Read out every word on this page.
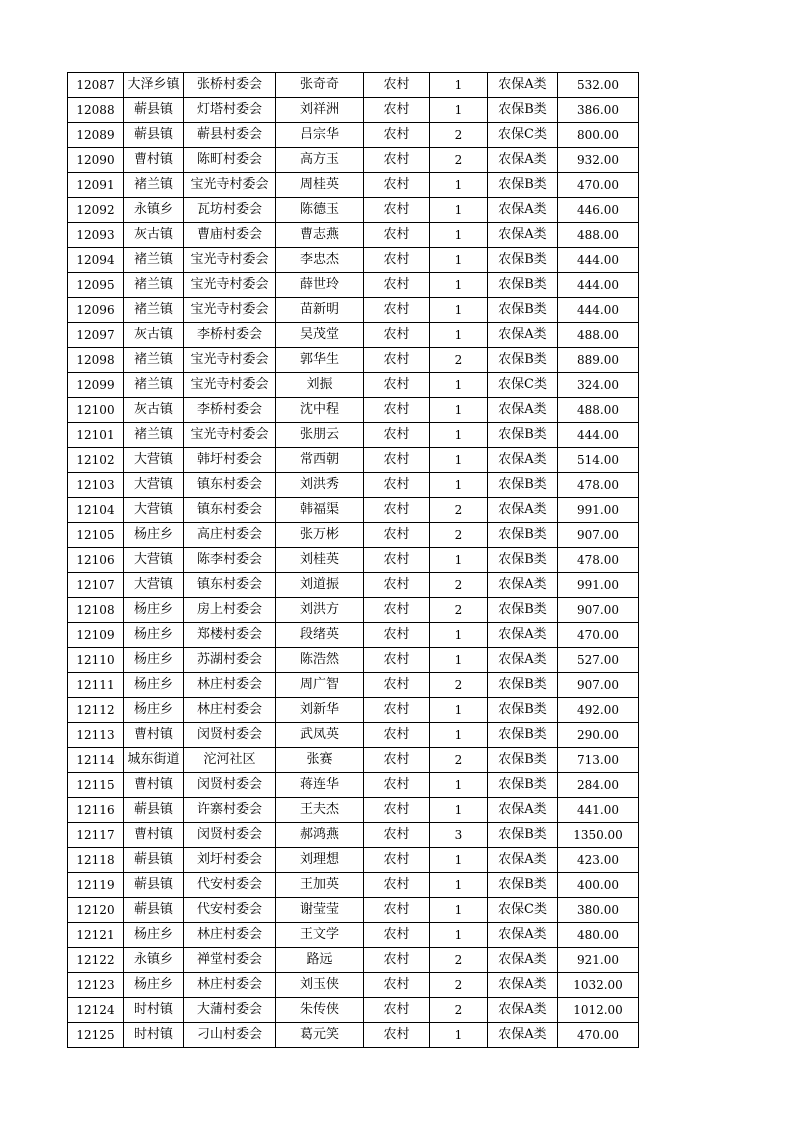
12087	大泽乡镇	张桥村委会	张奇奇	农村	1	农保A类	532.00
12088	蕲县镇	灯塔村委会	刘祥洲	农村	1	农保B类	386.00
12089	蕲县镇	蕲县村委会	吕宗华	农村	2	农保C类	800.00
12090	曹村镇	陈町村委会	高方玉	农村	2	农保A类	932.00
12091	褚兰镇	宝光寺村委会	周桂英	农村	1	农保B类	470.00
12092	永镇乡	瓦坊村委会	陈德玉	农村	1	农保A类	446.00
12093	灰古镇	曹庙村委会	曹志燕	农村	1	农保A类	488.00
12094	褚兰镇	宝光寺村委会	李忠杰	农村	1	农保B类	444.00
12095	褚兰镇	宝光寺村委会	薛世玲	农村	1	农保B类	444.00
12096	褚兰镇	宝光寺村委会	苗新明	农村	1	农保B类	444.00
12097	灰古镇	李桥村委会	吴茂堂	农村	1	农保A类	488.00
12098	褚兰镇	宝光寺村委会	郭华生	农村	2	农保B类	889.00
12099	褚兰镇	宝光寺村委会	刘振	农村	1	农保C类	324.00
12100	灰古镇	李桥村委会	沈中程	农村	1	农保A类	488.00
12101	褚兰镇	宝光寺村委会	张朋云	农村	1	农保B类	444.00
12102	大营镇	韩圩村委会	常西朝	农村	1	农保A类	514.00
12103	大营镇	镇东村委会	刘洪秀	农村	1	农保B类	478.00
12104	大营镇	镇东村委会	韩福渠	农村	2	农保A类	991.00
12105	杨庄乡	高庄村委会	张万彬	农村	2	农保B类	907.00
12106	大营镇	陈李村委会	刘桂英	农村	1	农保B类	478.00
12107	大营镇	镇东村委会	刘道振	农村	2	农保A类	991.00
12108	杨庄乡	房上村委会	刘洪方	农村	2	农保B类	907.00
12109	杨庄乡	郑楼村委会	段绪英	农村	1	农保A类	470.00
12110	杨庄乡	苏湖村委会	陈浩然	农村	1	农保A类	527.00
12111	杨庄乡	林庄村委会	周广智	农村	2	农保B类	907.00
12112	杨庄乡	林庄村委会	刘新华	农村	1	农保B类	492.00
12113	曹村镇	闵贤村委会	武凤英	农村	1	农保B类	290.00
12114	城东街道	沱河社区	张赛	农村	2	农保B类	713.00
12115	曹村镇	闵贤村委会	蒋连华	农村	1	农保B类	284.00
12116	蕲县镇	许寨村委会	王夫杰	农村	1	农保A类	441.00
12117	曹村镇	闵贤村委会	郝鸿燕	农村	3	农保B类	1350.00
12118	蕲县镇	刘圩村委会	刘理想	农村	1	农保A类	423.00
12119	蕲县镇	代安村委会	王加英	农村	1	农保B类	400.00
12120	蕲县镇	代安村委会	谢莹莹	农村	1	农保C类	380.00
12121	杨庄乡	林庄村委会	王文学	农村	1	农保A类	480.00
12122	永镇乡	禅堂村委会	路远	农村	2	农保A类	921.00
12123	杨庄乡	林庄村委会	刘玉侠	农村	2	农保A类	1032.00
12124	时村镇	大蒲村委会	朱传侠	农村	2	农保A类	1012.00
12125	时村镇	刁山村委会	葛元笑	农村	1	农保A类	470.00
